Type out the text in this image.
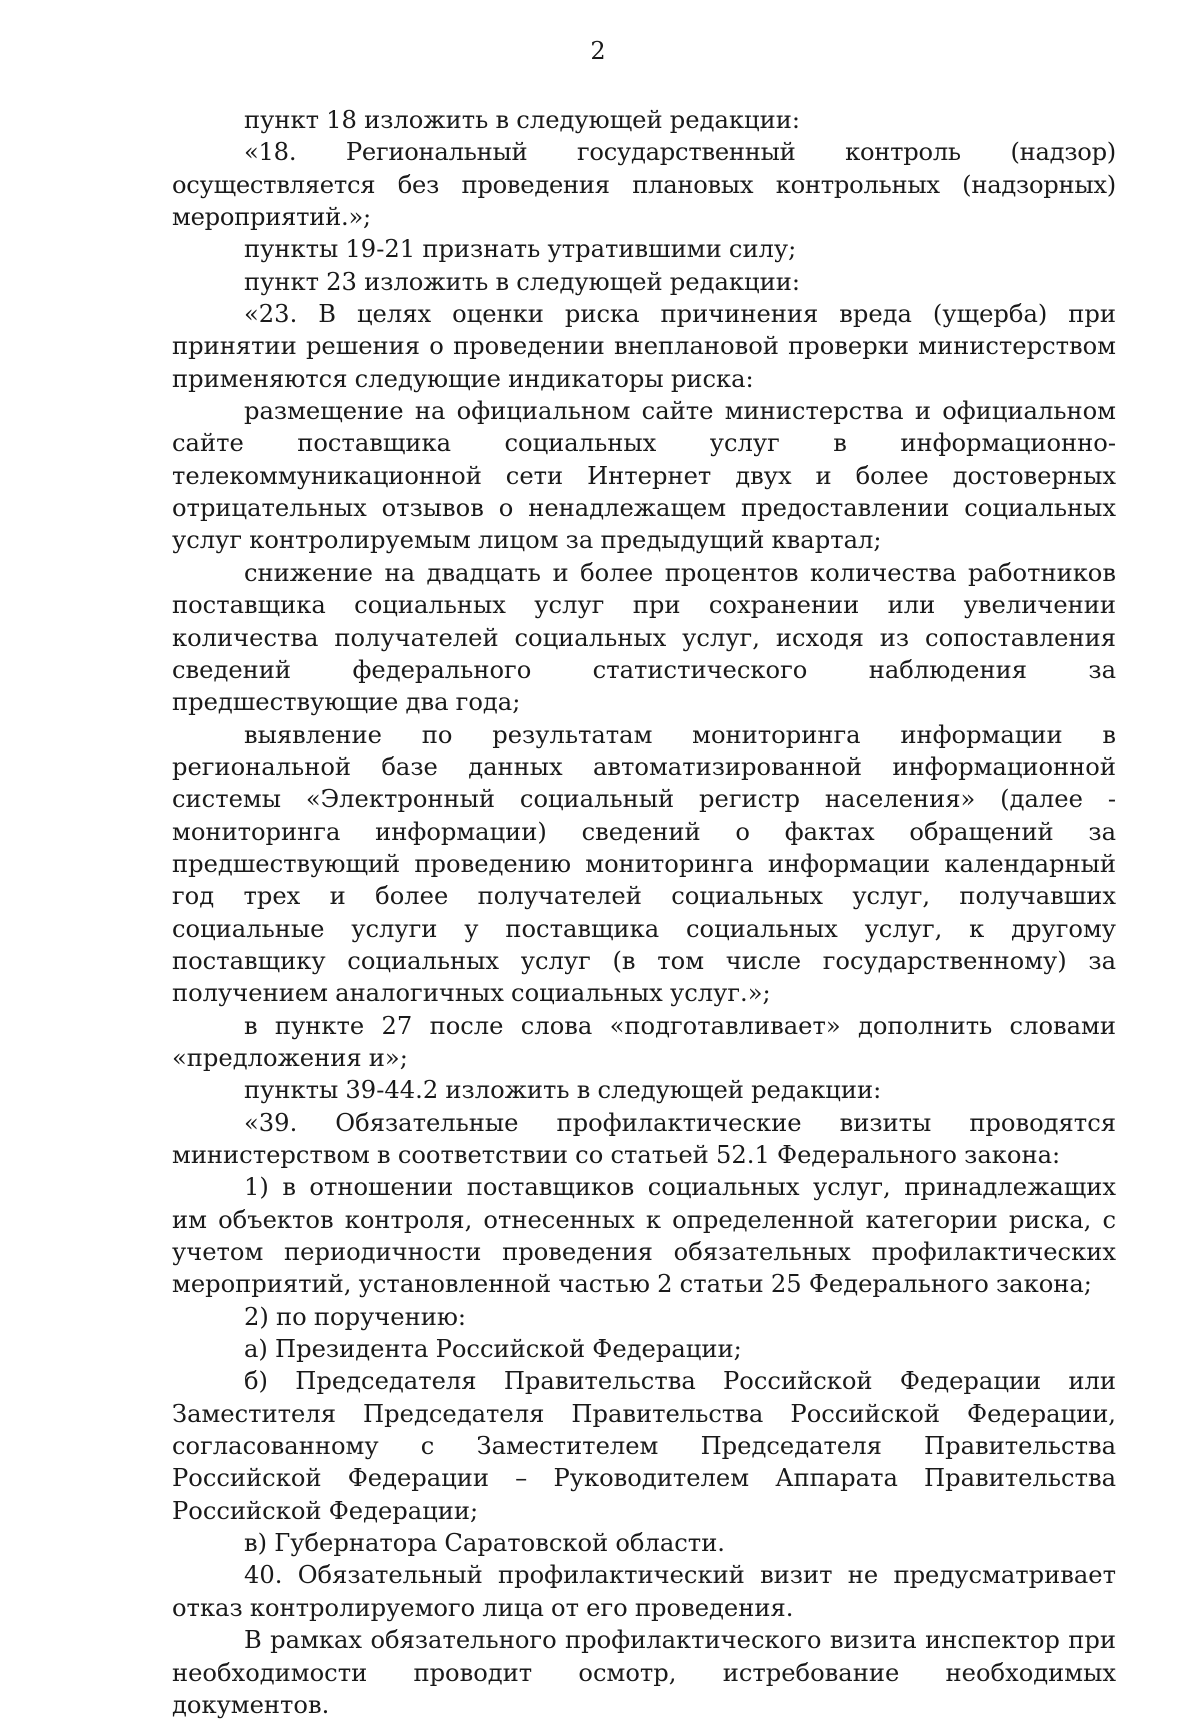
2

пункт 18 изложить в следующей редакции:

«18. Региональный государственный контроль (надзор) осуществляется без проведения плановых контрольных (надзорных) мероприятий.»;

пункты 19-21 признать утратившими силу;

пункт 23 изложить в следующей редакции:

«23. В целях оценки риска причинения вреда (ущерба) при принятии решения о проведении внеплановой проверки министерством применяются следующие индикаторы риска:

размещение на официальном сайте министерства и официальном сайте поставщика социальных услуг в информационно-телекоммуникационной сети Интернет двух и более достоверных отрицательных отзывов о ненадлежащем предоставлении социальных услуг контролируемым лицом за предыдущий квартал;

снижение на двадцать и более процентов количества работников поставщика социальных услуг при сохранении или увеличении количества получателей социальных услуг, исходя из сопоставления сведений федерального статистического наблюдения за предшествующие два года;

выявление по результатам мониторинга информации в региональной базе данных автоматизированной информационной системы «Электронный социальный регистр населения» (далее - мониторинга информации) сведений о фактах обращений за предшествующий проведению мониторинга информации календарный год трех и более получателей социальных услуг, получавших социальные услуги у поставщика социальных услуг, к другому поставщику социальных услуг (в том числе государственному) за получением аналогичных социальных услуг.»;

в пункте 27 после слова «подготавливает» дополнить словами «предложения и»;

пункты 39-44.2 изложить в следующей редакции:

«39. Обязательные профилактические визиты проводятся министерством в соответствии со статьей 52.1 Федерального закона:

1) в отношении поставщиков социальных услуг, принадлежащих им объектов контроля, отнесенных к определенной категории риска, с учетом периодичности проведения обязательных профилактических мероприятий, установленной частью 2 статьи 25 Федерального закона;

2) по поручению:

а) Президента Российской Федерации;

б) Председателя Правительства Российской Федерации или Заместителя Председателя Правительства Российской Федерации, согласованному с Заместителем Председателя Правительства Российской Федерации – Руководителем Аппарата Правительства Российской Федерации;

в) Губернатора Саратовской области.

40. Обязательный профилактический визит не предусматривает отказ контролируемого лица от его проведения.

В рамках обязательного профилактического визита инспектор при необходимости проводит осмотр, истребование необходимых документов.
